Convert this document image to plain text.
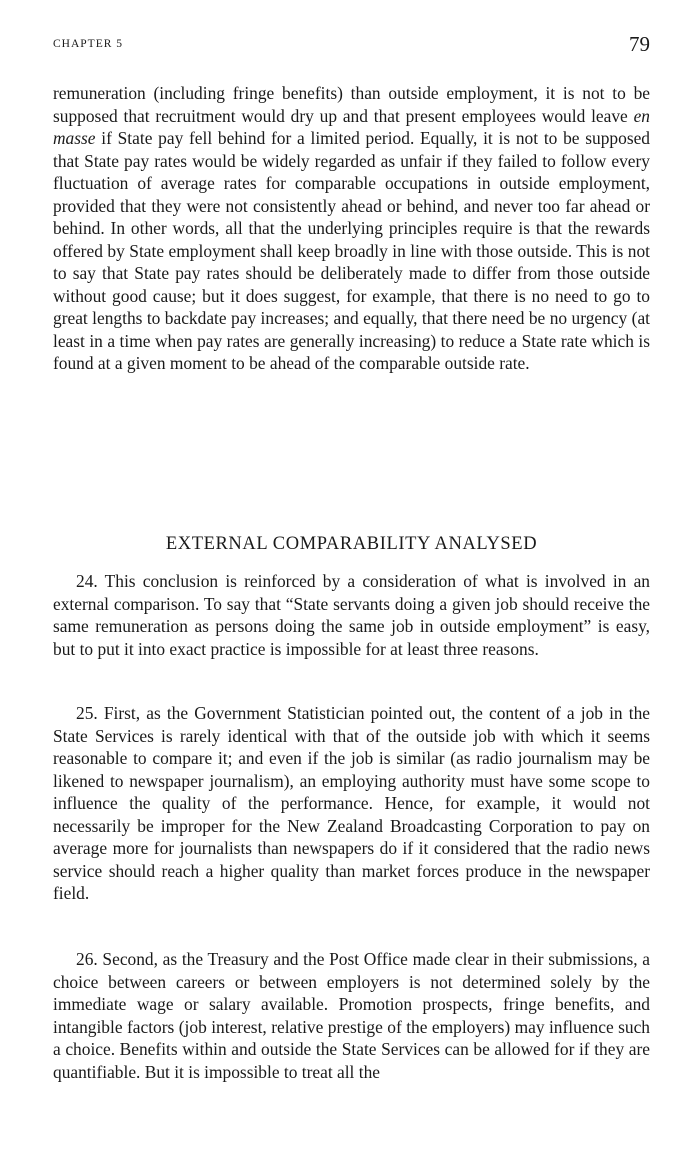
CHAPTER 5	79
remuneration (including fringe benefits) than outside employment, it is not to be supposed that recruitment would dry up and that present employees would leave en masse if State pay fell behind for a limited period. Equally, it is not to be supposed that State pay rates would be widely regarded as unfair if they failed to follow every fluctuation of average rates for comparable occupations in outside employment, provided that they were not consistently ahead or behind, and never too far ahead or behind. In other words, all that the underlying principles require is that the rewards offered by State employment shall keep broadly in line with those outside. This is not to say that State pay rates should be deliberately made to differ from those outside without good cause; but it does suggest, for example, that there is no need to go to great lengths to backdate pay increases; and equally, that there need be no urgency (at least in a time when pay rates are generally increasing) to reduce a State rate which is found at a given moment to be ahead of the comparable outside rate.
EXTERNAL COMPARABILITY ANALYSED
24. This conclusion is reinforced by a consideration of what is involved in an external comparison. To say that “State servants doing a given job should receive the same remuneration as persons doing the same job in outside employment” is easy, but to put it into exact practice is impossible for at least three reasons.
25. First, as the Government Statistician pointed out, the content of a job in the State Services is rarely identical with that of the outside job with which it seems reasonable to compare it; and even if the job is similar (as radio journalism may be likened to newspaper journalism), an employing authority must have some scope to influence the quality of the performance. Hence, for example, it would not necessarily be improper for the New Zealand Broadcasting Corporation to pay on average more for journalists than newspapers do if it considered that the radio news service should reach a higher quality than market forces produce in the newspaper field.
26. Second, as the Treasury and the Post Office made clear in their submissions, a choice between careers or between employers is not determined solely by the immediate wage or salary available. Promotion prospects, fringe benefits, and intangible factors (job interest, relative prestige of the employers) may influence such a choice. Benefits within and outside the State Services can be allowed for if they are quantifiable. But it is impossible to treat all the
